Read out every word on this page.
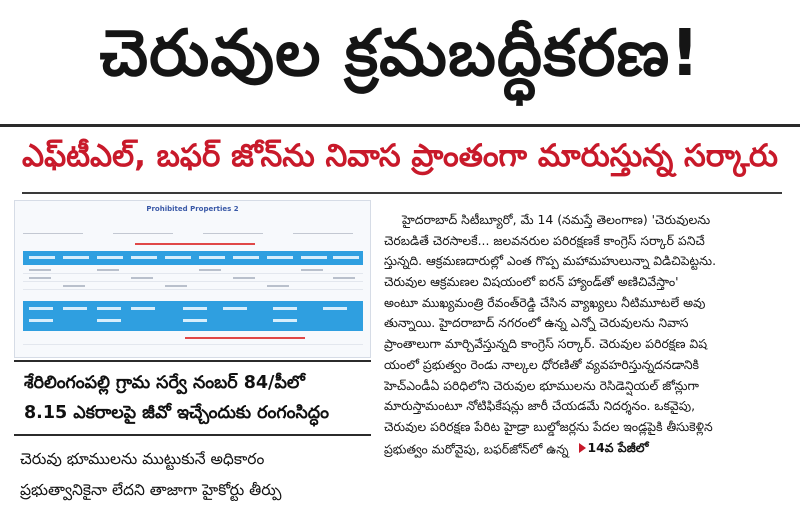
చెరువుల క్రమబద్ధీకరణ!
ఎఫ్‌టీఎల్, బఫర్ జోన్‌ను నివాస ప్రాంతంగా మారుస్తున్న సర్కారు
Prohibited Properties 2

శేరిలింగంపల్లి గ్రామ సర్వే నంబర్ 84/పీలో
8.15 ఎకరాలపై జీవో ఇచ్చేందుకు రంగంసిద్ధం
చెరువు భూములను ముట్టుకునే అధికారం
ప్రభుత్వానికైనా లేదని తాజాగా హైకోర్టు తీర్పు
హైదరాబాద్ సిటీబ్యూరో, మే 14 (నమస్తే తెలంగాణ) 'చెరువులను
చెరబడితే చెరసాలకే... జలవనరుల పరిరక్షణకే కాంగ్రెస్ సర్కార్ పనిచే
స్తున్నది. ఆక్రమణదారుల్లో ఎంత గొప్ప మహామహులున్నా విడిచిపెట్టను.
చెరువుల ఆక్రమణల విషయంలో ఐరన్ హ్యాండ్‌తో అణిచివేస్తాం'
అంటూ ముఖ్యమంత్రి రేవంత్‌రెడ్డి చేసిన వ్యాఖ్యలు నీటిమూటలే అవు
తున్నాయి. హైదరాబాద్ నగరంలో ఉన్న ఎన్నో చెరువులను నివాస
ప్రాంతాలుగా మార్చివేస్తున్నది కాంగ్రెస్ సర్కార్. చెరువుల పరిరక్షణ విష
యంలో ప్రభుత్వం రెండు నాల్కల ధోరణితో వ్యవహరిస్తున్నదనడానికి
హెచ్‌ఎండీఏ పరిధిలోని చెరువుల భూములను రెసిడెన్షియల్ జోన్లుగా
మారుస్తామంటూ నోటిఫికేషన్లు జారీ చేయడమే నిదర్శనం. ఒకవైపు,
చెరువుల పరిరక్షణ పేరిట హైడ్రా బుల్డోజర్లను పేదల ఇండ్లపైకి తీసుకెళ్లిన
ప్రభుత్వం మరోవైపు, బఫర్‌జోన్‌లో ఉన్న 14వ పేజీలో
